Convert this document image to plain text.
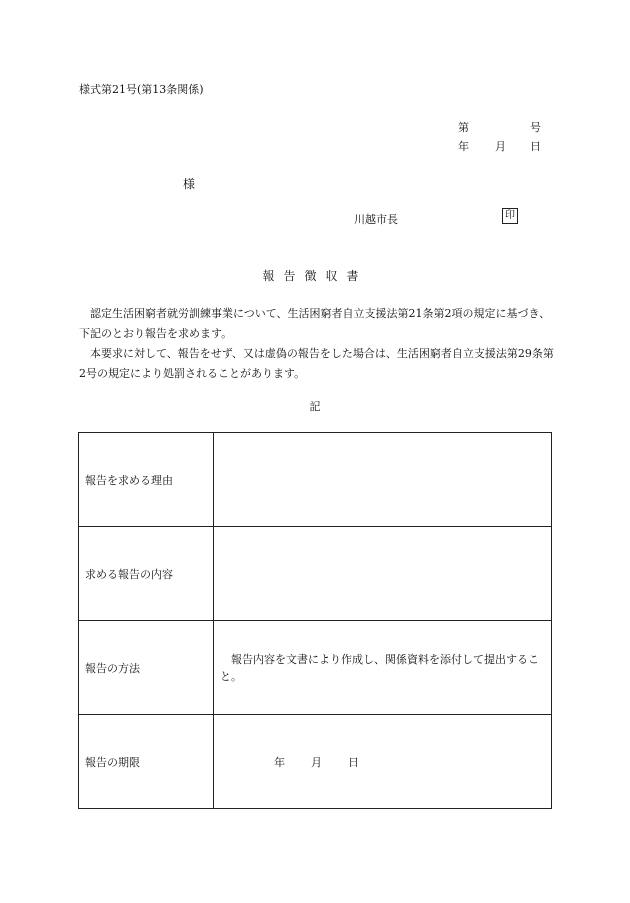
様式第21号(第13条関係)
第	号
年 月 日
様
川越市長	印
報告徴収書

認定生活困窮者就労訓練事業について、生活困窮者自立支援法第21条第2項の規定に基づき、下記のとおり報告を求めます。

本要求に対して、報告をせず、又は虚偽の報告をした場合は、生活困窮者自立支援法第29条第2号の規定により処罰されることがあります。

記
報告を求める理由	
求める報告の内容	
報告の方法	報告内容を文書により作成し、関係資料を添付して提出すること。
報告の期限	年 月 日
